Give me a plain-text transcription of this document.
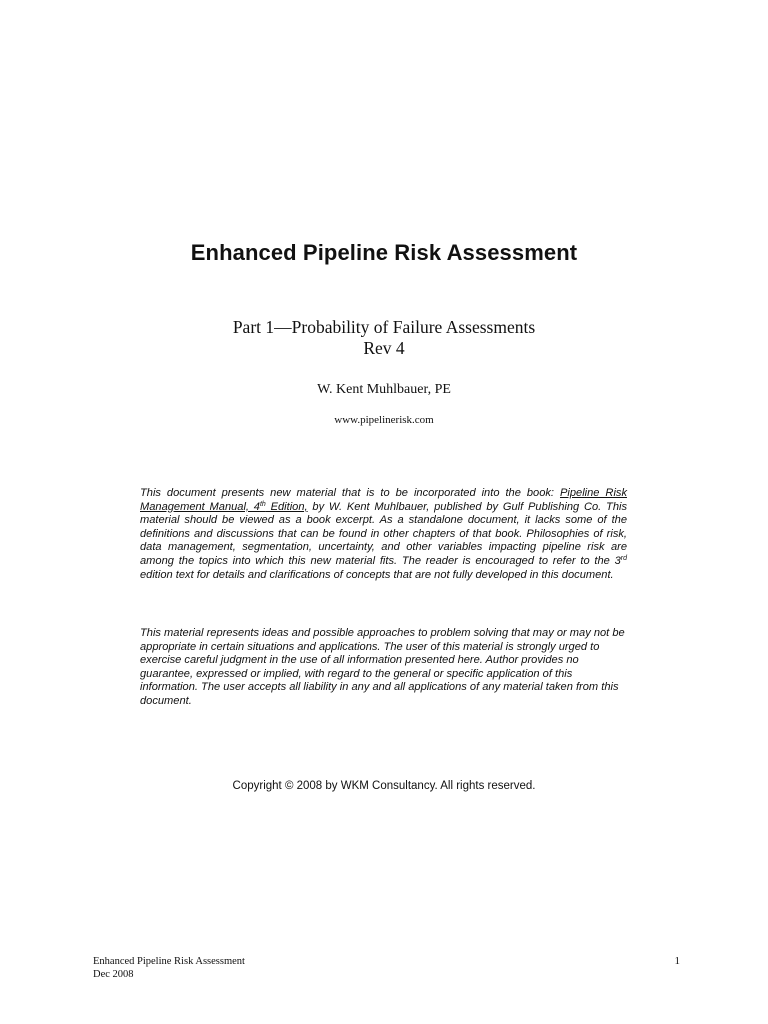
Enhanced Pipeline Risk Assessment
Part 1—Probability of Failure Assessments
Rev 4
W. Kent Muhlbauer, PE
www.pipelinerisk.com

This document presents new material that is to be incorporated into the book: Pipeline Risk Management Manual, 4th Edition, by W. Kent Muhlbauer, published by Gulf Publishing Co. This material should be viewed as a book excerpt. As a standalone document, it lacks some of the definitions and discussions that can be found in other chapters of that book. Philosophies of risk, data management, segmentation, uncertainty, and other variables impacting pipeline risk are among the topics into which this new material fits. The reader is encouraged to refer to the 3rd edition text for details and clarifications of concepts that are not fully developed in this document.

This material represents ideas and possible approaches to problem solving that may or may not be appropriate in certain situations and applications. The user of this material is strongly urged to exercise careful judgment in the use of all information presented here. Author provides no guarantee, expressed or implied, with regard to the general or specific application of this information. The user accepts all liability in any and all applications of any material taken from this document.

Copyright © 2008 by WKM Consultancy. All rights reserved.
Enhanced Pipeline Risk Assessment
Dec 2008
1
